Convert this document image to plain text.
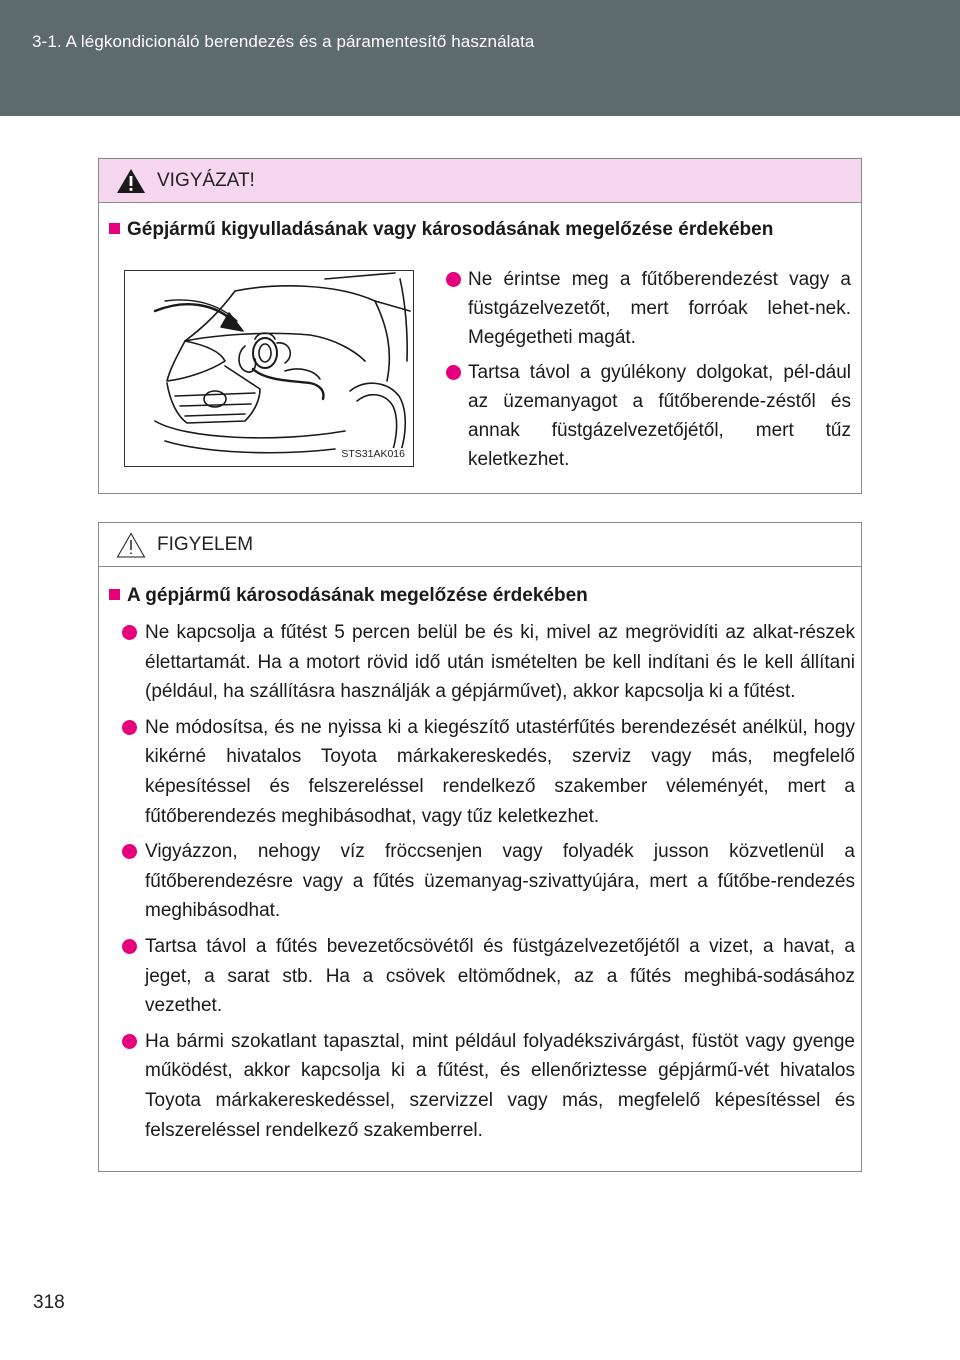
3-1. A légkondicionáló berendezés és a páramentesítő használata
VIGYÁZAT!
Gépjármű kigyulladásának vagy károsodásának megelőzése érdekében
STS31AK016
Ne érintse meg a fűtőberendezést vagy a füstgázelvezetőt, mert forróak lehet-nek. Megégetheti magát.
Tartsa távol a gyúlékony dolgokat, pél-dául az üzemanyagot a fűtőberende-zéstől és annak füstgázelvezetőjétől, mert tűz keletkezhet.
FIGYELEM
A gépjármű károsodásának megelőzése érdekében
Ne kapcsolja a fűtést 5 percen belül be és ki, mivel az megrövidíti az alkat-részek élettartamát. Ha a motort rövid idő után ismételten be kell indítani és le kell állítani (például, ha szállításra használják a gépjárművet), akkor kapcsolja ki a fűtést.
Ne módosítsa, és ne nyissa ki a kiegészítő utastérfűtés berendezését anélkül, hogy kikérné hivatalos Toyota márkakereskedés, szerviz vagy más, megfelelő képesítéssel és felszereléssel rendelkező szakember véleményét, mert a fűtőberendezés meghibásodhat, vagy tűz keletkezhet.
Vigyázzon, nehogy víz fröccsenjen vagy folyadék jusson közvetlenül a fűtőberendezésre vagy a fűtés üzemanyag-szivattyújára, mert a fűtőbe-rendezés meghibásodhat.
Tartsa távol a fűtés bevezetőcsövétől és füstgázelvezetőjétől a vizet, a havat, a jeget, a sarat stb. Ha a csövek eltömődnek, az a fűtés meghibá-sodásához vezethet.
Ha bármi szokatlant tapasztal, mint például folyadékszivárgást, füstöt vagy gyenge működést, akkor kapcsolja ki a fűtést, és ellenőriztesse gépjármű-vét hivatalos Toyota márkakereskedéssel, szervizzel vagy más, megfelelő képesítéssel és felszereléssel rendelkező szakemberrel.
318
